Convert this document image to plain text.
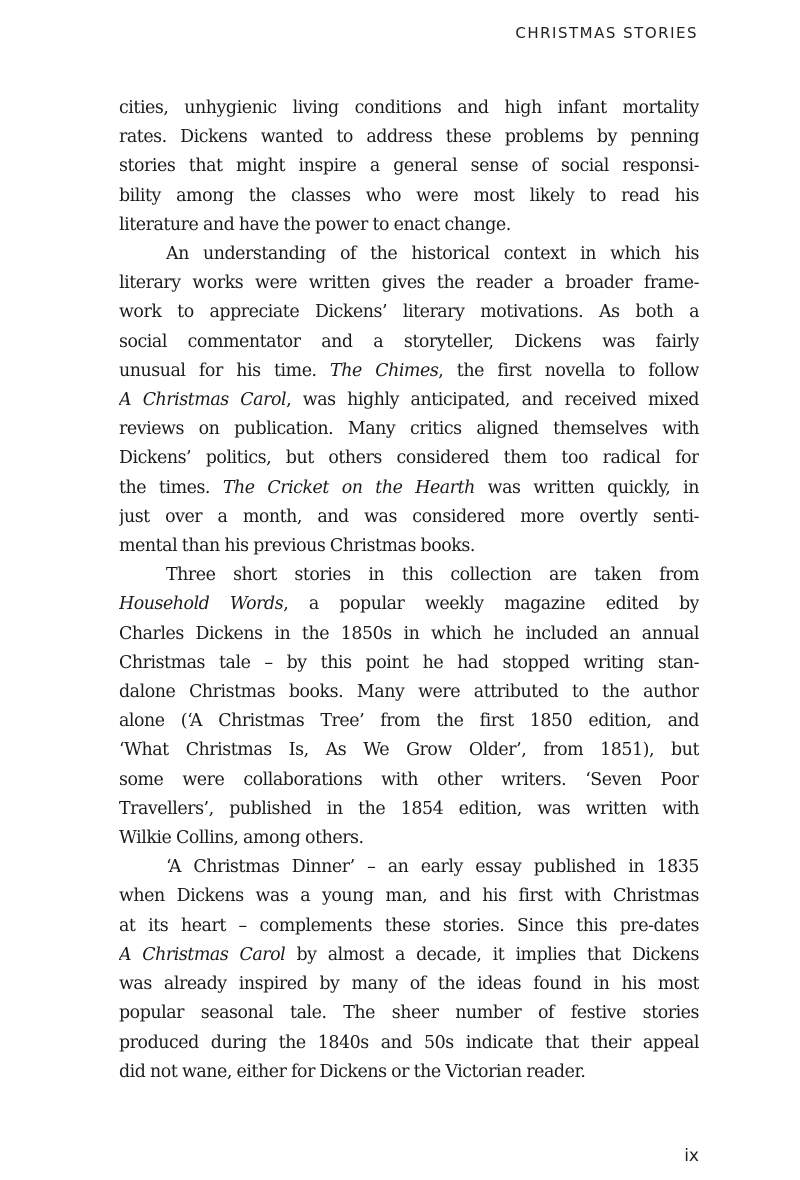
CHRISTMAS STORIES

cities, unhygienic living conditions and high infant mortality
rates. Dickens wanted to address these problems by penning
stories that might inspire a general sense of social responsi-
bility among the classes who were most likely to read his
literature and have the power to enact change.

An understanding of the historical context in which his
literary works were written gives the reader a broader frame-
work to appreciate Dickens’ literary motivations. As both a
social commentator and a storyteller, Dickens was fairly
unusual for his time. The Chimes, the first novella to follow
A Christmas Carol, was highly anticipated, and received mixed
reviews on publication. Many critics aligned themselves with
Dickens’ politics, but others considered them too radical for
the times. The Cricket on the Hearth was written quickly, in
just over a month, and was considered more overtly senti-
mental than his previous Christmas books.

Three short stories in this collection are taken from
Household Words, a popular weekly magazine edited by
Charles Dickens in the 1850s in which he included an annual
Christmas tale – by this point he had stopped writing stan-
dalone Christmas books. Many were attributed to the author
alone (‘A Christmas Tree’ from the first 1850 edition, and
‘What Christmas Is, As We Grow Older’, from 1851), but
some were collaborations with other writers. ‘Seven Poor
Travellers’, published in the 1854 edition, was written with
Wilkie Collins, among others.

‘A Christmas Dinner’ – an early essay published in 1835
when Dickens was a young man, and his first with Christmas
at its heart – complements these stories. Since this pre-dates
A Christmas Carol by almost a decade, it implies that Dickens
was already inspired by many of the ideas found in his most
popular seasonal tale. The sheer number of festive stories
produced during the 1840s and 50s indicate that their appeal
did not wane, either for Dickens or the Victorian reader.

ix
